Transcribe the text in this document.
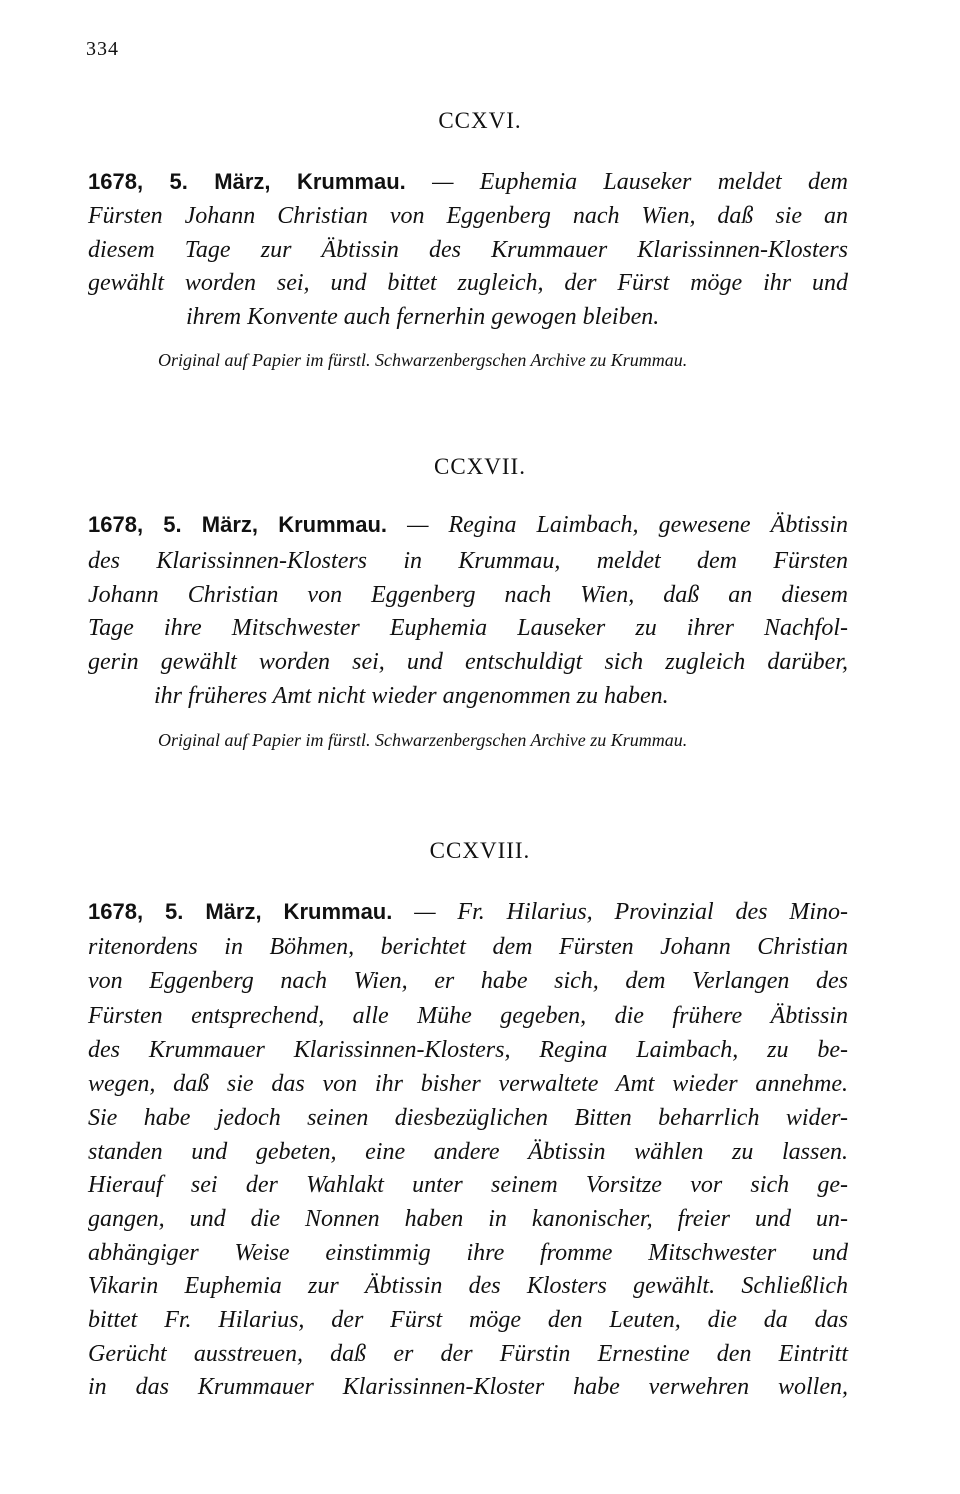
334
CCXVI.
1678, 5. März, Krummau. — Euphemia Lauseker meldet dem
Fürsten Johann Christian von Eggenberg nach Wien, daß sie an
diesem Tage zur Äbtissin des Krummauer Klarissinnen-Klosters
gewählt worden sei, und bittet zugleich, der Fürst möge ihr und
ihrem Konvente auch fernerhin gewogen bleiben.
Original auf Papier im fürstl. Schwarzenbergschen Archive zu Krummau.
CCXVII.
1678, 5. März, Krummau. — Regina Laimbach, gewesene Äbtissin
des Klarissinnen-Klosters in Krummau, meldet dem Fürsten
Johann Christian von Eggenberg nach Wien, daß an diesem
Tage ihre Mitschwester Euphemia Lauseker zu ihrer Nachfol-
gerin gewählt worden sei, und entschuldigt sich zugleich darüber,
ihr früheres Amt nicht wieder angenommen zu haben.
Original auf Papier im fürstl. Schwarzenbergschen Archive zu Krummau.
CCXVIII.
1678, 5. März, Krummau. — Fr. Hilarius, Provinzial des Mino-
ritenordens in Böhmen, berichtet dem Fürsten Johann Christian
von Eggenberg nach Wien, er habe sich, dem Verlangen des
Fürsten entsprechend, alle Mühe gegeben, die frühere Äbtissin
des Krummauer Klarissinnen-Klosters, Regina Laimbach, zu be-
wegen, daß sie das von ihr bisher verwaltete Amt wieder annehme.
Sie habe jedoch seinen diesbezüglichen Bitten beharrlich wider-
standen und gebeten, eine andere Äbtissin wählen zu lassen.
Hierauf sei der Wahlakt unter seinem Vorsitze vor sich ge-
gangen, und die Nonnen haben in kanonischer, freier und un-
abhängiger Weise einstimmig ihre fromme Mitschwester und
Vikarin Euphemia zur Äbtissin des Klosters gewählt. Schließlich
bittet Fr. Hilarius, der Fürst möge den Leuten, die da das
Gerücht ausstreuen, daß er der Fürstin Ernestine den Eintritt
in das Krummauer Klarissinnen-Kloster habe verwehren wollen,
